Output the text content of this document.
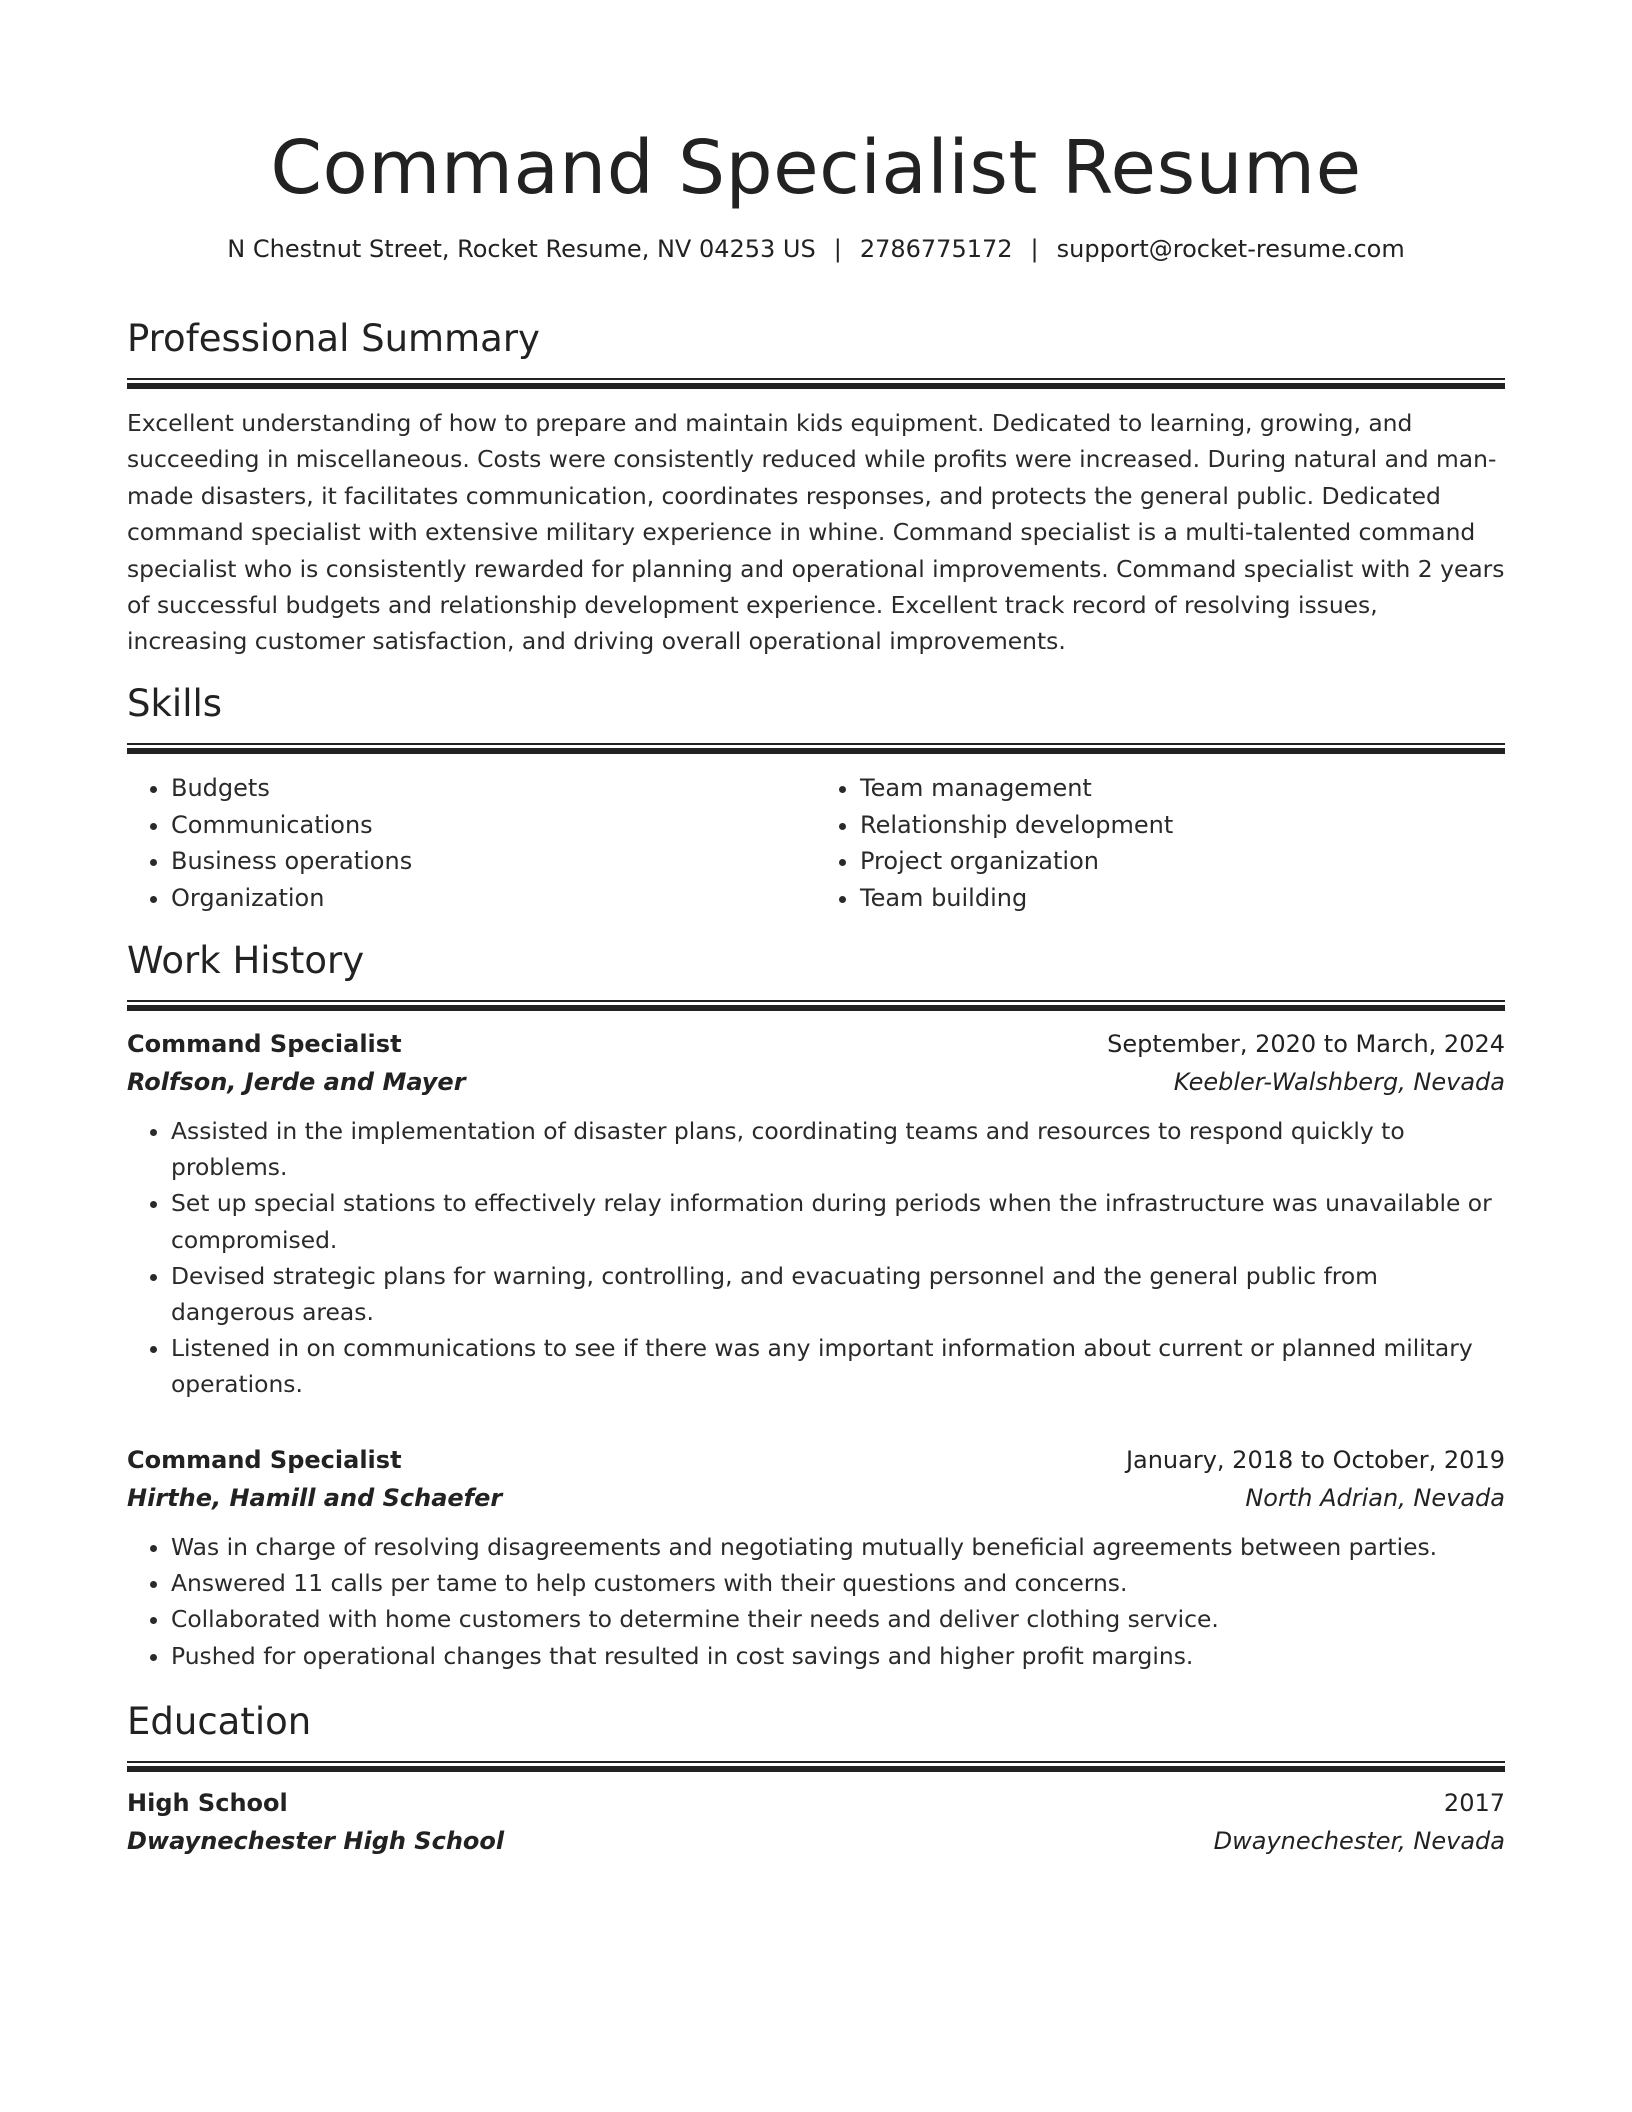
Command Specialist Resume
N Chestnut Street, Rocket Resume, NV 04253 US | 2786775172 | support@rocket-resume.com
Professional Summary

Excellent understanding of how to prepare and maintain kids equipment. Dedicated to learning, growing, and succeeding in miscellaneous. Costs were consistently reduced while profits were increased. During natural and man-made disasters, it facilitates communication, coordinates responses, and protects the general public. Dedicated command specialist with extensive military experience in whine. Command specialist is a multi-talented command specialist who is consistently rewarded for planning and operational improvements. Command specialist with 2 years of successful budgets and relationship development experience. Excellent track record of resolving issues, increasing customer satisfaction, and driving overall operational improvements.

Skills
• Budgets
• Communications
• Business operations
• Organization
• Team management
• Relationship development
• Project organization
• Team building
Work History
Command Specialist	September, 2020 to March, 2024
Rolfson, Jerde and Mayer	Keebler-Walshberg, Nevada
• Assisted in the implementation of disaster plans, coordinating teams and resources to respond quickly to problems.
• Set up special stations to effectively relay information during periods when the infrastructure was unavailable or compromised.
• Devised strategic plans for warning, controlling, and evacuating personnel and the general public from dangerous areas.
• Listened in on communications to see if there was any important information about current or planned military operations.
Command Specialist	January, 2018 to October, 2019
Hirthe, Hamill and Schaefer	North Adrian, Nevada
• Was in charge of resolving disagreements and negotiating mutually beneficial agreements between parties.
• Answered 11 calls per tame to help customers with their questions and concerns.
• Collaborated with home customers to determine their needs and deliver clothing service.
• Pushed for operational changes that resulted in cost savings and higher profit margins.
Education
High School	2017
Dwaynechester High School	Dwaynechester, Nevada
